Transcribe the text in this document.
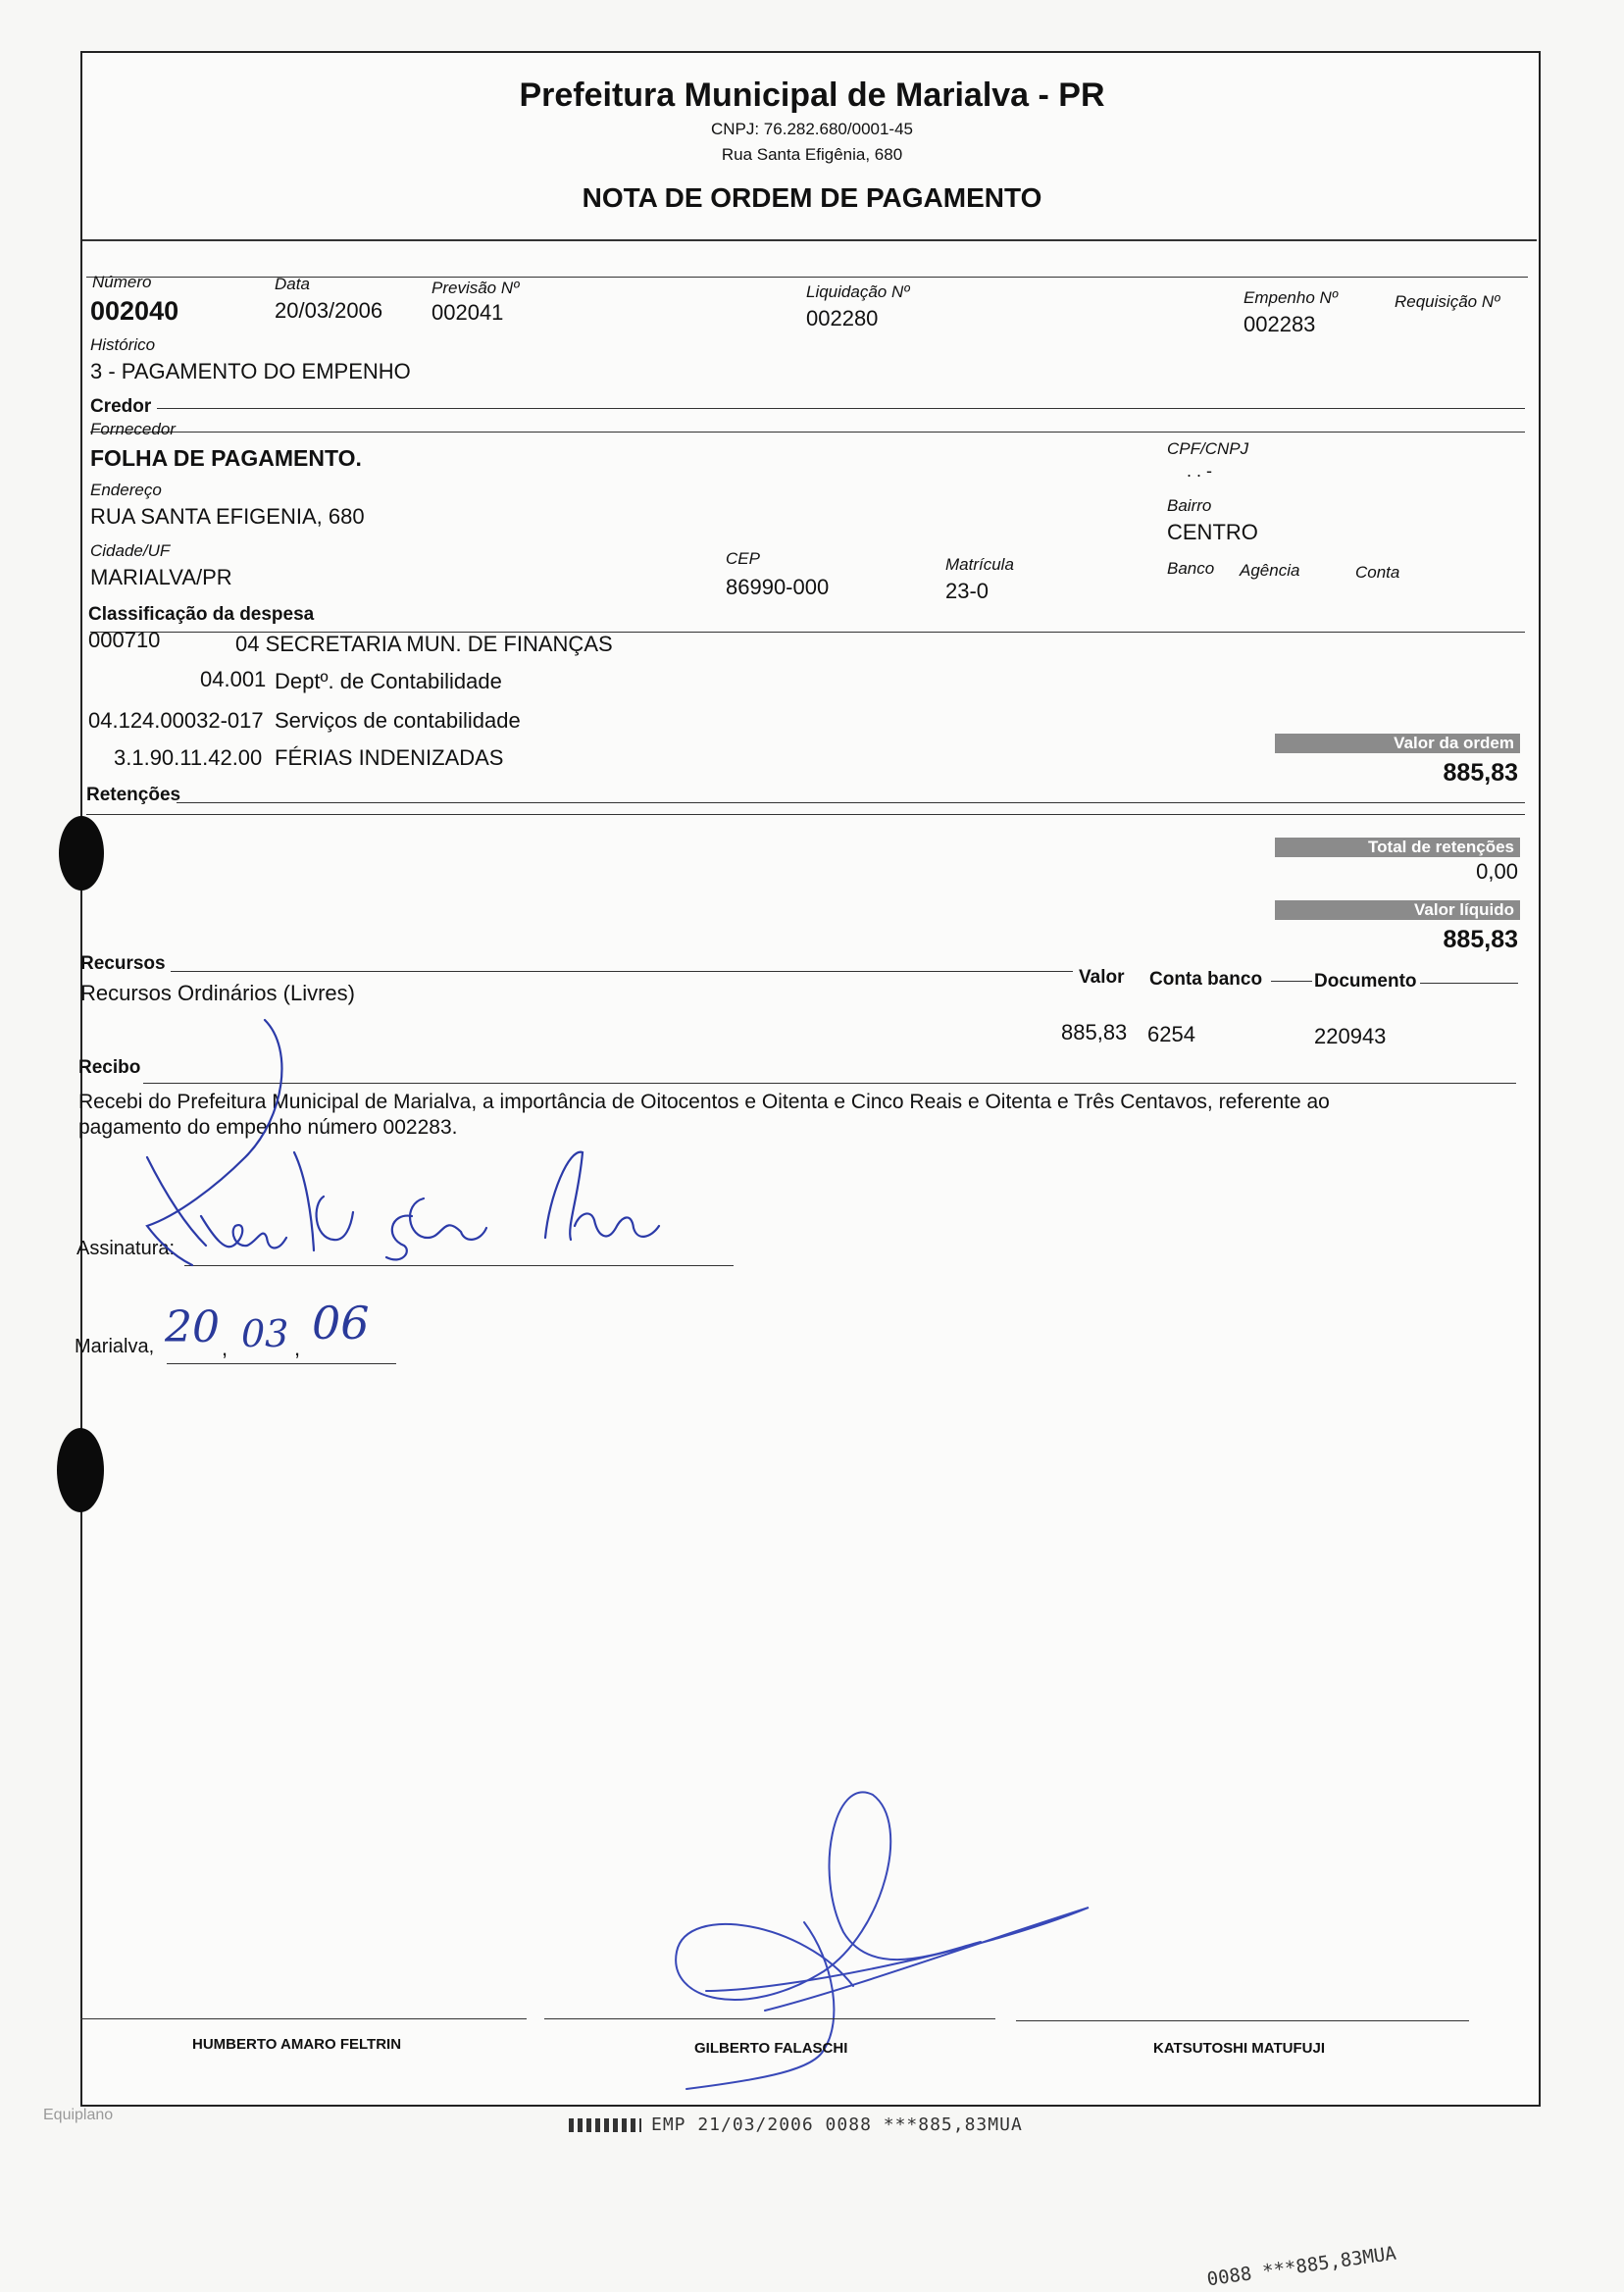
Prefeitura Municipal de Marialva - PR
CNPJ: 76.282.680/0001-45
Rua Santa Efigênia, 680
NOTA DE ORDEM DE PAGAMENTO
Número
002040
Data
20/03/2006
Previsão Nº
002041
Liquidação Nº
002280
Empenho Nº
002283
Requisição Nº
Histórico
3 - PAGAMENTO DO EMPENHO
Credor
Fornecedor
FOLHA DE PAGAMENTO.	CPF/CNPJ
. . -
Endereço
RUA SANTA EFIGENIA, 680	Bairro
CENTRO
Cidade/UF
MARIALVA/PR
CEP
86990-000
Matrícula
23-0
Banco Agência	Conta
Classificação da despesa
000710	04 SECRETARIA MUN. DE FINANÇAS
04.001 Deptº. de Contabilidade
04.124.00032-017 Serviços de contabilidade
3.1.90.11.42.00 FÉRIAS INDENIZADAS
Valor da ordem
885,83
Retenções
Total de retenções
0,00
Valor líquido
885,83
Recursos
Valor Conta banco	Documento
Recursos Ordinários (Livres)
885,83 6254	220943
Recibo
Recebi do Prefeitura Municipal de Marialva, a importância de Oitocentos e Oitenta e Cinco Reais e Oitenta e Três Centavos, referente ao
pagamento do empenho número 002283.
Assinatura:
Marialva, 20 , 03 , 06
HUMBERTO AMARO FELTRIN	GILBERTO FALASCHI	KATSUTOSHI MATUFUJI
Equiplano	EMP 21/03/2006 0088 ***885,83MUA
0088 ***885,83MUA
